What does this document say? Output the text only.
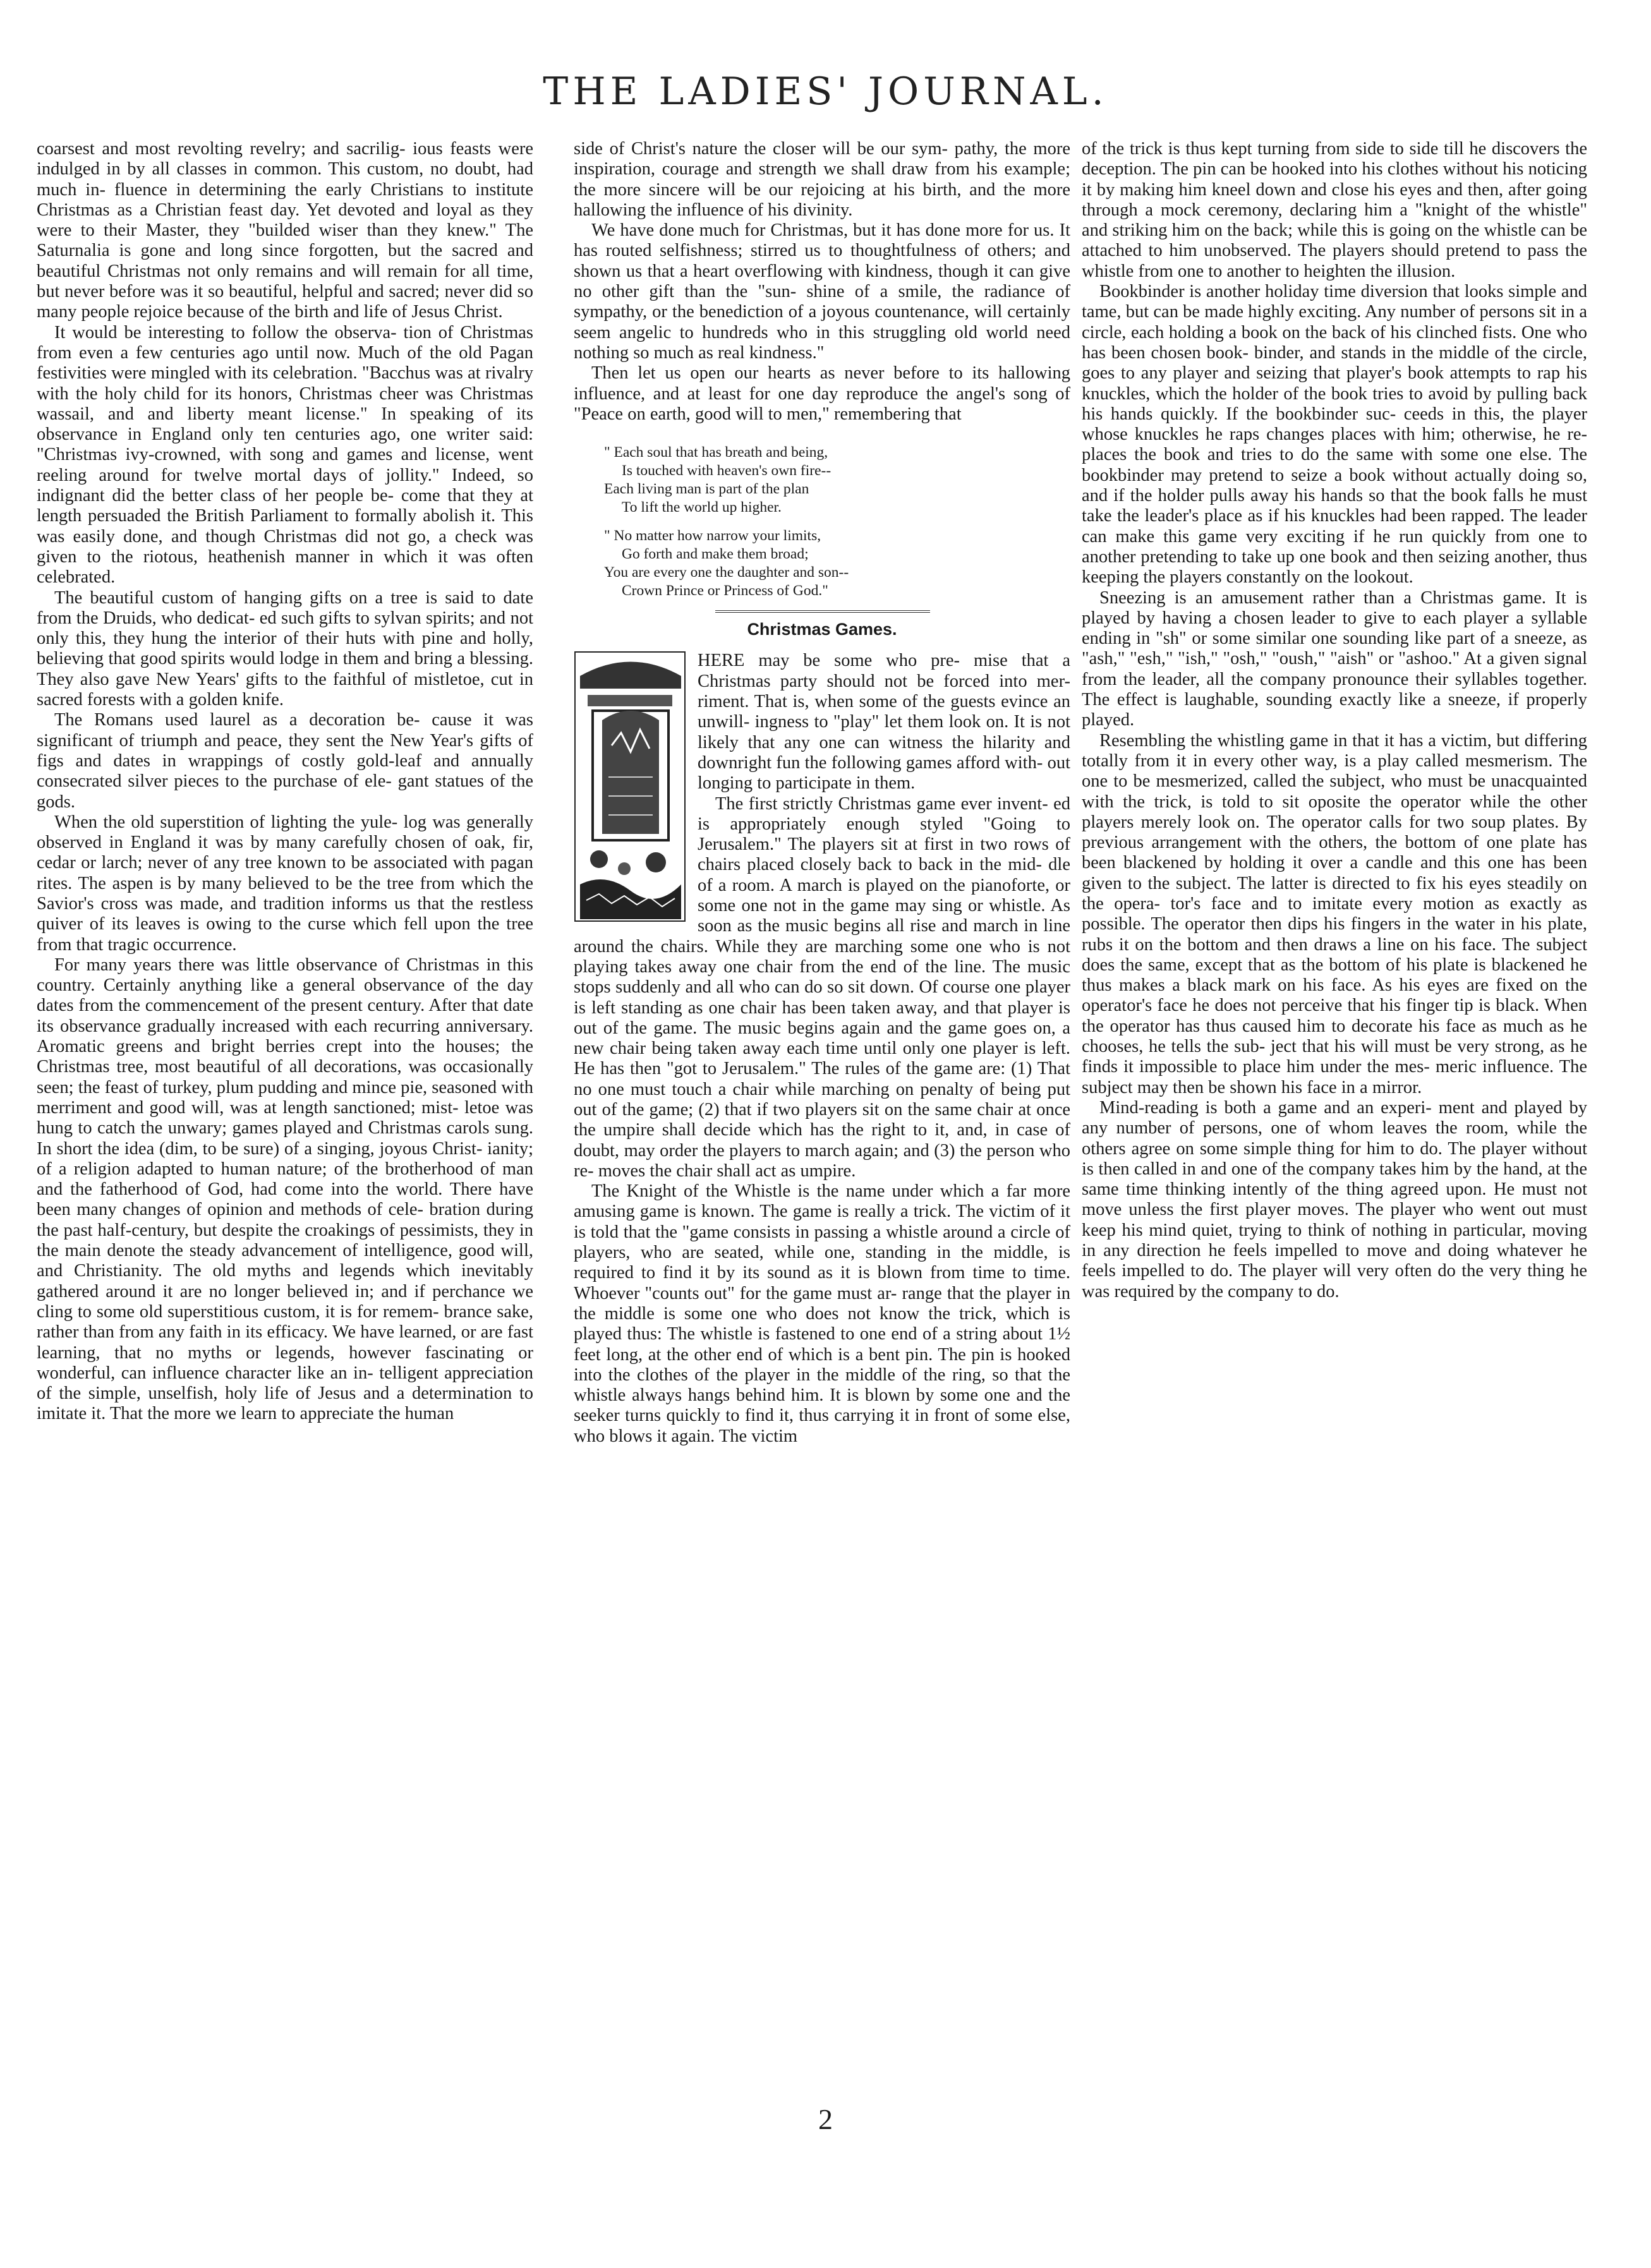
THE LADIES' JOURNAL.

coarsest and most revolting revelry; and sacrilig- ious feasts were indulged in by all classes in common. This custom, no doubt, had much in- fluence in determining the early Christians to institute Christmas as a Christian feast day. Yet devoted and loyal as they were to their Master, they "builded wiser than they knew." The Saturnalia is gone and long since forgotten, but the sacred and beautiful Christmas not only remains and will remain for all time, but never before was it so beautiful, helpful and sacred; never did so many people rejoice because of the birth and life of Jesus Christ.

It would be interesting to follow the observa- tion of Christmas from even a few centuries ago until now. Much of the old Pagan festivities were mingled with its celebration. "Bacchus was at rivalry with the holy child for its honors, Christmas cheer was Christmas wassail, and and liberty meant license." In speaking of its observance in England only ten centuries ago, one writer said: "Christmas ivy-crowned, with song and games and license, went reeling around for twelve mortal days of jollity." Indeed, so indignant did the better class of her people be- come that they at length persuaded the British Parliament to formally abolish it. This was easily done, and though Christmas did not go, a check was given to the riotous, heathenish manner in which it was often celebrated.

The beautiful custom of hanging gifts on a tree is said to date from the Druids, who dedicat- ed such gifts to sylvan spirits; and not only this, they hung the interior of their huts with pine and holly, believing that good spirits would lodge in them and bring a blessing. They also gave New Years' gifts to the faithful of mistletoe, cut in sacred forests with a golden knife.

The Romans used laurel as a decoration be- cause it was significant of triumph and peace, they sent the New Year's gifts of figs and dates in wrappings of costly gold-leaf and annually consecrated silver pieces to the purchase of ele- gant statues of the gods.

When the old superstition of lighting the yule- log was generally observed in England it was by many carefully chosen of oak, fir, cedar or larch; never of any tree known to be associated with pagan rites. The aspen is by many believed to be the tree from which the Savior's cross was made, and tradition informs us that the restless quiver of its leaves is owing to the curse which fell upon the tree from that tragic occurrence.

For many years there was little observance of Christmas in this country. Certainly anything like a general observance of the day dates from the commencement of the present century. After that date its observance gradually increased with each recurring anniversary. Aromatic greens and bright berries crept into the houses; the Christmas tree, most beautiful of all decorations, was occasionally seen; the feast of turkey, plum pudding and mince pie, seasoned with merriment and good will, was at length sanctioned; mist- letoe was hung to catch the unwary; games played and Christmas carols sung. In short the idea (dim, to be sure) of a singing, joyous Christ- ianity; of a religion adapted to human nature; of the brotherhood of man and the fatherhood of God, had come into the world. There have been many changes of opinion and methods of cele- bration during the past half-century, but despite the croakings of pessimists, they in the main denote the steady advancement of intelligence, good will, and Christianity. The old myths and legends which inevitably gathered around it are no longer believed in; and if perchance we cling to some old superstitious custom, it is for remem- brance sake, rather than from any faith in its efficacy. We have learned, or are fast learning, that no myths or legends, however fascinating or wonderful, can influence character like an in- telligent appreciation of the simple, unselfish, holy life of Jesus and a determination to imitate it. That the more we learn to appreciate the human

side of Christ's nature the closer will be our sym- pathy, the more inspiration, courage and strength we shall draw from his example; the more sincere will be our rejoicing at his birth, and the more hallowing the influence of his divinity.

We have done much for Christmas, but it has done more for us. It has routed selfishness; stirred us to thoughtfulness of others; and shown us that a heart overflowing with kindness, though it can give no other gift than the "sun- shine of a smile, the radiance of sympathy, or the benediction of a joyous countenance, will certainly seem angelic to hundreds who in this struggling old world need nothing so much as real kindness."

Then let us open our hearts as never before to its hallowing influence, and at least for one day reproduce the angel's song of "Peace on earth, good will to men," remembering that

" Each soul that has breath and being,
Is touched with heaven's own fire--
Each living man is part of the plan
To lift the world up higher.
" No matter how narrow your limits,
Go forth and make them broad;
You are every one the daughter and son--
Crown Prince or Princess of God."
Christmas Games.

HERE may be some who pre- mise that a Christmas party should not be forced into mer- riment. That is, when some of the guests evince an unwill- ingness to "play" let them look on. It is not likely that any one can witness the hilarity and downright fun the following games afford with- out longing to participate in them.

The first strictly Christmas game ever invent- ed is appropriately enough styled "Going to Jerusalem." The players sit at first in two rows of chairs placed closely back to back in the mid- dle of a room. A march is played on the pianoforte, or some one not in the game may sing or whistle. As soon as the music begins all rise and march in line around the chairs. While they are marching some one who is not playing takes away one chair from the end of the line. The music stops suddenly and all who can do so sit down. Of course one player is left standing as one chair has been taken away, and that player is out of the game. The music begins again and the game goes on, a new chair being taken away each time until only one player is left. He has then "got to Jerusalem." The rules of the game are: (1) That no one must touch a chair while marching on penalty of being put out of the game; (2) that if two players sit on the same chair at once the umpire shall decide which has the right to it, and, in case of doubt, may order the players to march again; and (3) the person who re- moves the chair shall act as umpire.

The Knight of the Whistle is the name under which a far more amusing game is known. The game is really a trick. The victim of it is told that the "game consists in passing a whistle around a circle of players, who are seated, while one, standing in the middle, is required to find it by its sound as it is blown from time to time. Whoever "counts out" for the game must ar- range that the player in the middle is some one who does not know the trick, which is played thus: The whistle is fastened to one end of a string about 1½ feet long, at the other end of which is a bent pin. The pin is hooked into the clothes of the player in the middle of the ring, so that the whistle always hangs behind him. It is blown by some one and the seeker turns quickly to find it, thus carrying it in front of some else, who blows it again. The victim

of the trick is thus kept turning from side to side till he discovers the deception. The pin can be hooked into his clothes without his noticing it by making him kneel down and close his eyes and then, after going through a mock ceremony, declaring him a "knight of the whistle" and striking him on the back; while this is going on the whistle can be attached to him unobserved. The players should pretend to pass the whistle from one to another to heighten the illusion.

Bookbinder is another holiday time diversion that looks simple and tame, but can be made highly exciting. Any number of persons sit in a circle, each holding a book on the back of his clinched fists. One who has been chosen book- binder, and stands in the middle of the circle, goes to any player and seizing that player's book attempts to rap his knuckles, which the holder of the book tries to avoid by pulling back his hands quickly. If the bookbinder suc- ceeds in this, the player whose knuckles he raps changes places with him; otherwise, he re- places the book and tries to do the same with some one else. The bookbinder may pretend to seize a book without actually doing so, and if the holder pulls away his hands so that the book falls he must take the leader's place as if his knuckles had been rapped. The leader can make this game very exciting if he run quickly from one to another pretending to take up one book and then seizing another, thus keeping the players constantly on the lookout.

Sneezing is an amusement rather than a Christmas game. It is played by having a chosen leader to give to each player a syllable ending in "sh" or some similar one sounding like part of a sneeze, as "ash," "esh," "ish," "osh," "oush," "aish" or "ashoo." At a given signal from the leader, all the company pronounce their syllables together. The effect is laughable, sounding exactly like a sneeze, if properly played.

Resembling the whistling game in that it has a victim, but differing totally from it in every other way, is a play called mesmerism. The one to be mesmerized, called the subject, who must be unacquainted with the trick, is told to sit oposite the operator while the other players merely look on. The operator calls for two soup plates. By previous arrangement with the others, the bottom of one plate has been blackened by holding it over a candle and this one has been given to the subject. The latter is directed to fix his eyes steadily on the opera- tor's face and to imitate every motion as exactly as possible. The operator then dips his fingers in the water in his plate, rubs it on the bottom and then draws a line on his face. The subject does the same, except that as the bottom of his plate is blackened he thus makes a black mark on his face. As his eyes are fixed on the operator's face he does not perceive that his finger tip is black. When the operator has thus caused him to decorate his face as much as he chooses, he tells the sub- ject that his will must be very strong, as he finds it impossible to place him under the mes- meric influence. The subject may then be shown his face in a mirror.

Mind-reading is both a game and an experi- ment and played by any number of persons, one of whom leaves the room, while the others agree on some simple thing for him to do. The player without is then called in and one of the company takes him by the hand, at the same time thinking intently of the thing agreed upon. He must not move unless the first player moves. The player who went out must keep his mind quiet, trying to think of nothing in particular, moving in any direction he feels impelled to move and doing whatever he feels impelled to do. The player will very often do the very thing he was required by the company to do.

2
